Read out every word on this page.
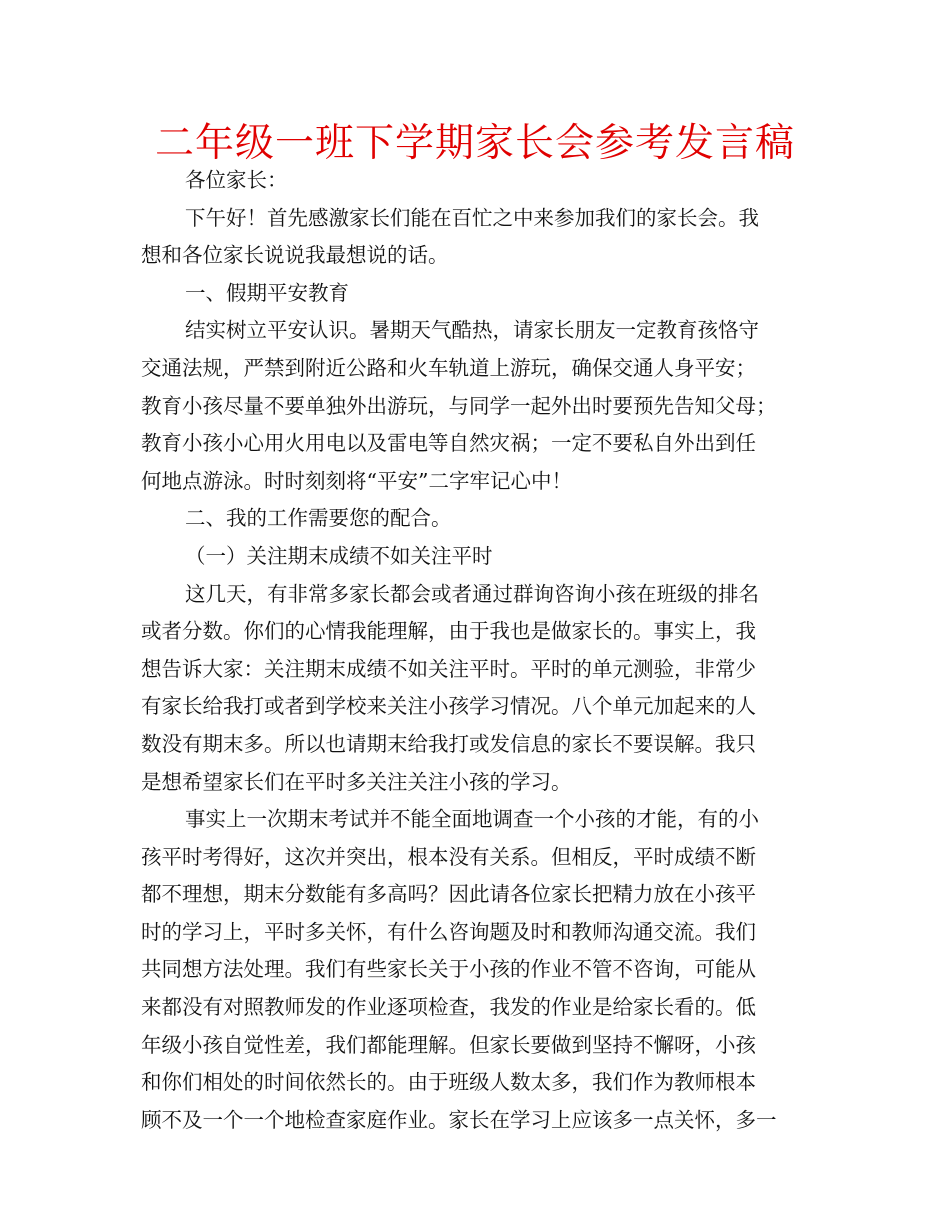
二年级一班下学期家长会参考发言稿
各位家长：
下午好！首先感激家长们能在百忙之中来参加我们的家长会。我
想和各位家长说说我最想说的话。
一、假期平安教育
结实树立平安认识。暑期天气酷热，请家长朋友一定教育孩恪守
交通法规，严禁到附近公路和火车轨道上游玩，确保交通人身平安；
教育小孩尽量不要单独外出游玩，与同学一起外出时要预先告知父母；
教育小孩小心用火用电以及雷电等自然灾祸；一定不要私自外出到任
何地点游泳。时时刻刻将“平安”二字牢记心中！
二、我的工作需要您的配合。
（一）关注期末成绩不如关注平时
这几天，有非常多家长都会或者通过群询咨询小孩在班级的排名
或者分数。你们的心情我能理解，由于我也是做家长的。事实上，我
想告诉大家：关注期末成绩不如关注平时。平时的单元测验，非常少
有家长给我打或者到学校来关注小孩学习情况。八个单元加起来的人
数没有期末多。所以也请期末给我打或发信息的家长不要误解。我只
是想希望家长们在平时多关注关注小孩的学习。
事实上一次期末考试并不能全面地调查一个小孩的才能，有的小
孩平时考得好，这次并突出，根本没有关系。但相反，平时成绩不断
都不理想，期末分数能有多高吗？因此请各位家长把精力放在小孩平
时的学习上，平时多关怀，有什么咨询题及时和教师沟通交流。我们
共同想方法处理。我们有些家长关于小孩的作业不管不咨询，可能从
来都没有对照教师发的作业逐项检查，我发的作业是给家长看的。低
年级小孩自觉性差，我们都能理解。但家长要做到坚持不懈呀，小孩
和你们相处的时间依然长的。由于班级人数太多，我们作为教师根本
顾不及一个一个地检查家庭作业。家长在学习上应该多一点关怀，多一
